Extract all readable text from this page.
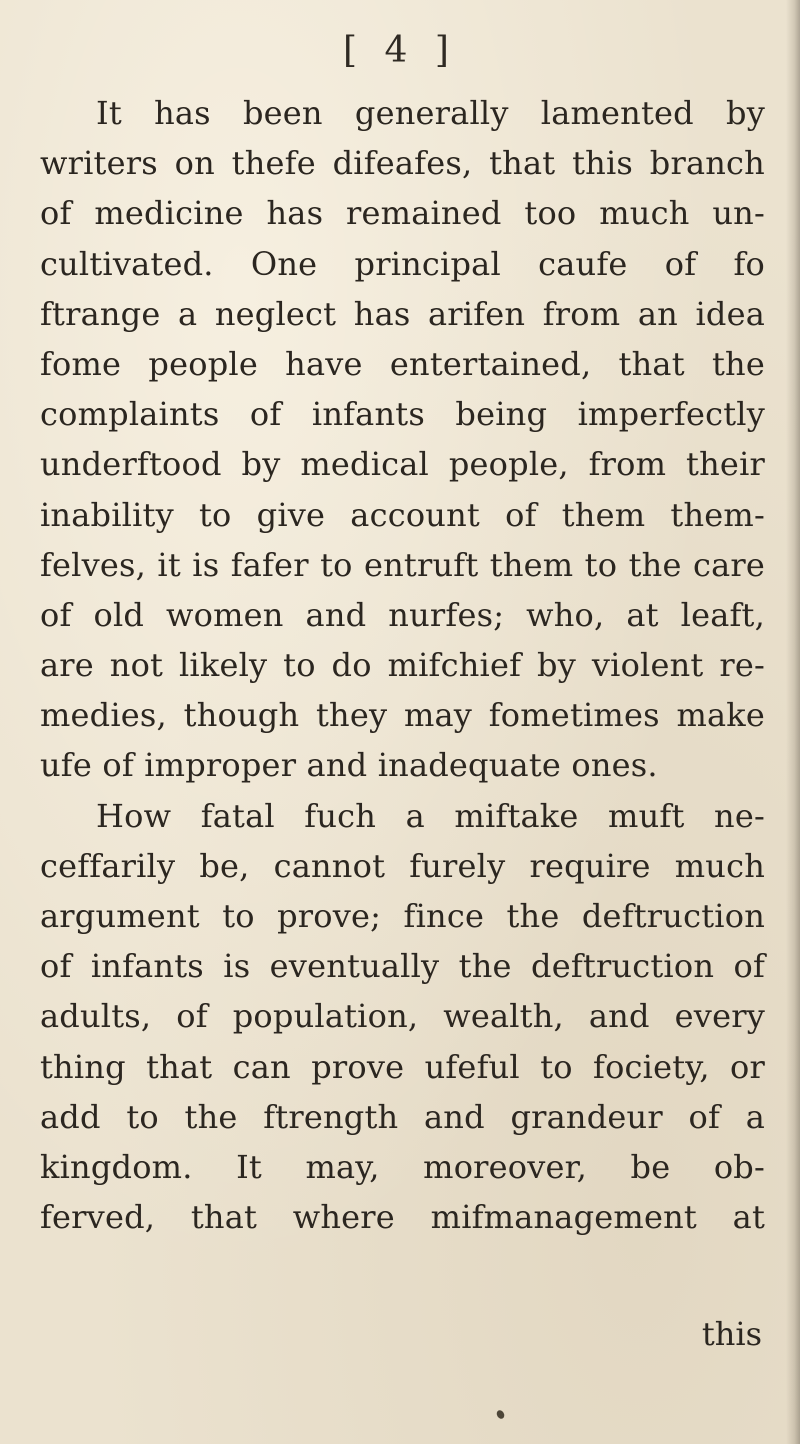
[ 4 ]
It has been generally lamented by
writers on thefe difeafes, that this branch
of medicine has remained too much un-
cultivated. One principal caufe of fo
ftrange a neglect has arifen from an idea
fome people have entertained, that the
complaints of infants being imperfectly
underftood by medical people, from their
inability to give account of them them-
felves, it is fafer to entruft them to the care
of old women and nurfes; who, at leaft,
are not likely to do mifchief by violent re-
medies, though they may fometimes make
ufe of improper and inadequate ones.
How fatal fuch a miftake muft ne-
ceffarily be, cannot furely require much
argument to prove; fince the deftruction
of infants is eventually the deftruction of
adults, of population, wealth, and every
thing that can prove ufeful to fociety, or
add to the ftrength and grandeur of a
kingdom. It may, moreover, be ob-
ferved, that where mifmanagement at
this
